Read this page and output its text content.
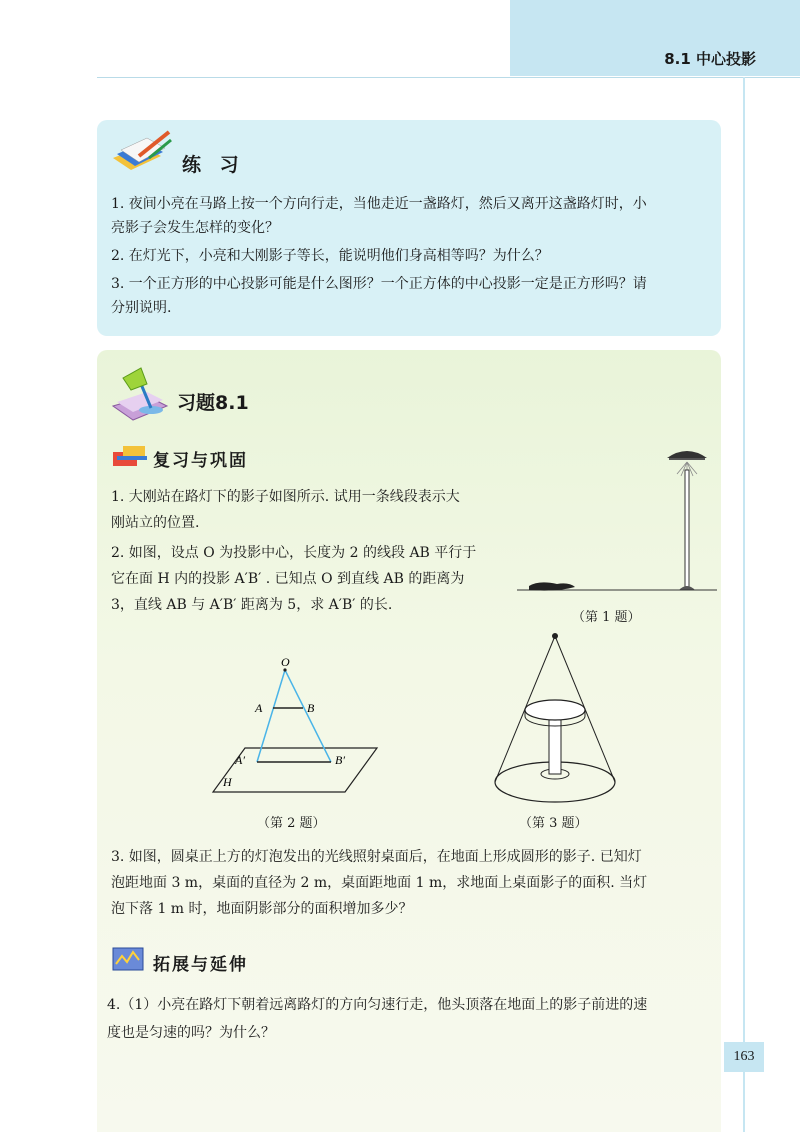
8.1 中心投影
练 习
1. 夜间小亮在马路上按一个方向行走，当他走近一盏路灯，然后又离开这盏路灯时，小
亮影子会发生怎样的变化？
2. 在灯光下，小亮和大刚影子等长，能说明他们身高相等吗？为什么？
3. 一个正方形的中心投影可能是什么图形？一个正方体的中心投影一定是正方形吗？请
分别说明.
习题8.1
复习与巩固
1. 大刚站在路灯下的影子如图所示. 试用一条线段表示大
刚站立的位置.
2. 如图，设点 O 为投影中心，长度为 2 的线段 AB 平行于
它在面 H 内的投影 A′B′ . 已知点 O 到直线 AB 的距离为
3，直线 AB 与 A′B′ 距离为 5，求 A′B′ 的长.
（第 1 题）
O
A	B
A′	B′
H
（第 2 题）	（第 3 题）
3. 如图，圆桌正上方的灯泡发出的光线照射桌面后，在地面上形成圆形的影子. 已知灯
泡距地面 3 m，桌面的直径为 2 m，桌面距地面 1 m，求地面上桌面影子的面积. 当灯
泡下落 1 m 时，地面阴影部分的面积增加多少？
拓展与延伸
4.（1）小亮在路灯下朝着远离路灯的方向匀速行走，他头顶落在地面上的影子前进的速
度也是匀速的吗？为什么？
163
